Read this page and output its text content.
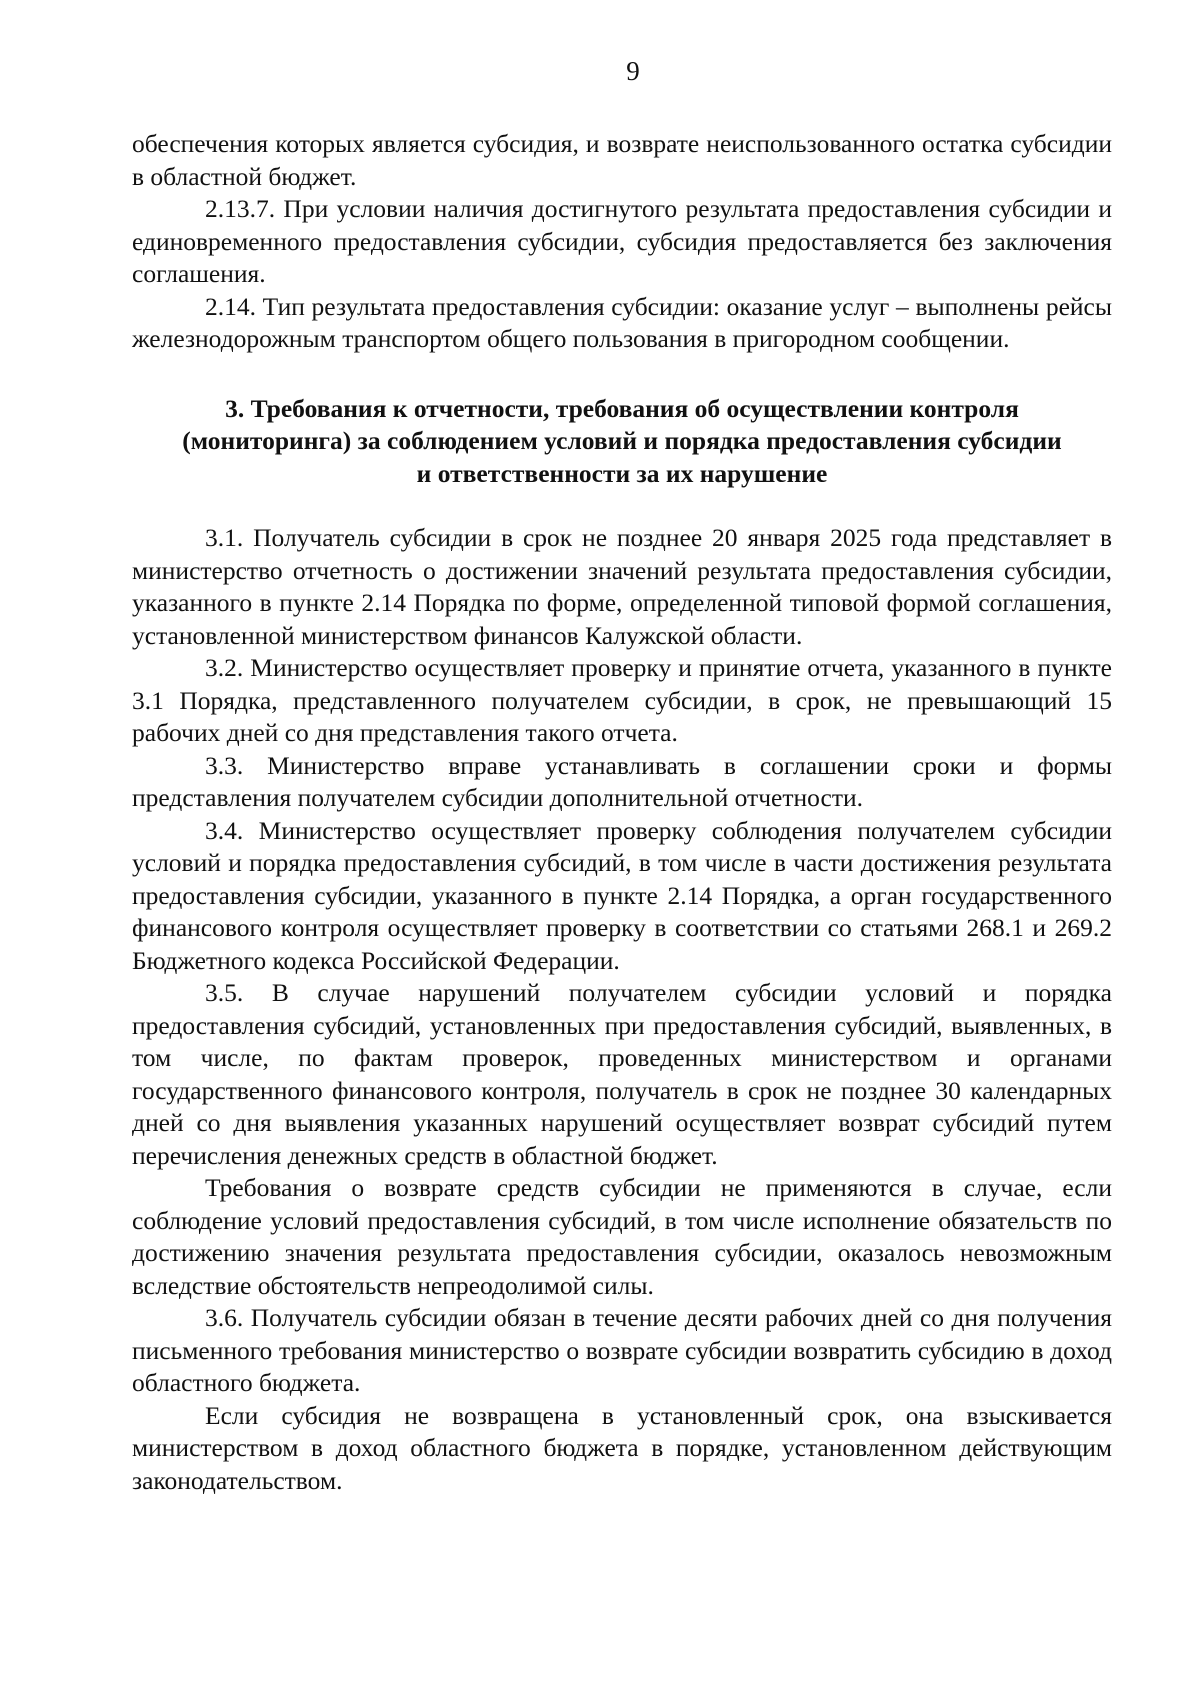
9

обеспечения которых является субсидия, и возврате неиспользованного остатка субсидии в областной бюджет.

2.13.7. При условии наличия достигнутого результата предоставления субсидии и единовременного предоставления субсидии, субсидия предоставляется без заключения соглашения.

2.14. Тип результата предоставления субсидии: оказание услуг – выполнены рейсы железнодорожным транспортом общего пользования в пригородном сообщении.

3. Требования к отчетности, требования об осуществлении контроля
(мониторинга) за соблюдением условий и порядка предоставления субсидии
и ответственности за их нарушение

3.1. Получатель субсидии в срок не позднее 20 января 2025 года представляет в министерство отчетность о достижении значений результата предоставления субсидии, указанного в пункте 2.14 Порядка по форме, определенной типовой формой соглашения, установленной министерством финансов Калужской области.

3.2. Министерство осуществляет проверку и принятие отчета, указанного в пункте 3.1 Порядка, представленного получателем субсидии, в срок, не превышающий 15 рабочих дней со дня представления такого отчета.

3.3. Министерство вправе устанавливать в соглашении сроки и формы представления получателем субсидии дополнительной отчетности.

3.4. Министерство осуществляет проверку соблюдения получателем субсидии условий и порядка предоставления субсидий, в том числе в части достижения результата предоставления субсидии, указанного в пункте 2.14 Порядка, а орган государственного финансового контроля осуществляет проверку в соответствии со статьями 268.1 и 269.2 Бюджетного кодекса Российской Федерации.

3.5. В случае нарушений получателем субсидии условий и порядка предоставления субсидий, установленных при предоставления субсидий, выявленных, в том числе, по фактам проверок, проведенных министерством и органами государственного финансового контроля, получатель в срок не позднее 30 календарных дней со дня выявления указанных нарушений осуществляет возврат субсидий путем перечисления денежных средств в областной бюджет.

Требования о возврате средств субсидии не применяются в случае, если соблюдение условий предоставления субсидий, в том числе исполнение обязательств по достижению значения результата предоставления субсидии, оказалось невозможным вследствие обстоятельств непреодолимой силы.

3.6. Получатель субсидии обязан в течение десяти рабочих дней со дня получения письменного требования министерство о возврате субсидии возвратить субсидию в доход областного бюджета.

Если субсидия не возвращена в установленный срок, она взыскивается министерством в доход областного бюджета в порядке, установленном действующим законодательством.
